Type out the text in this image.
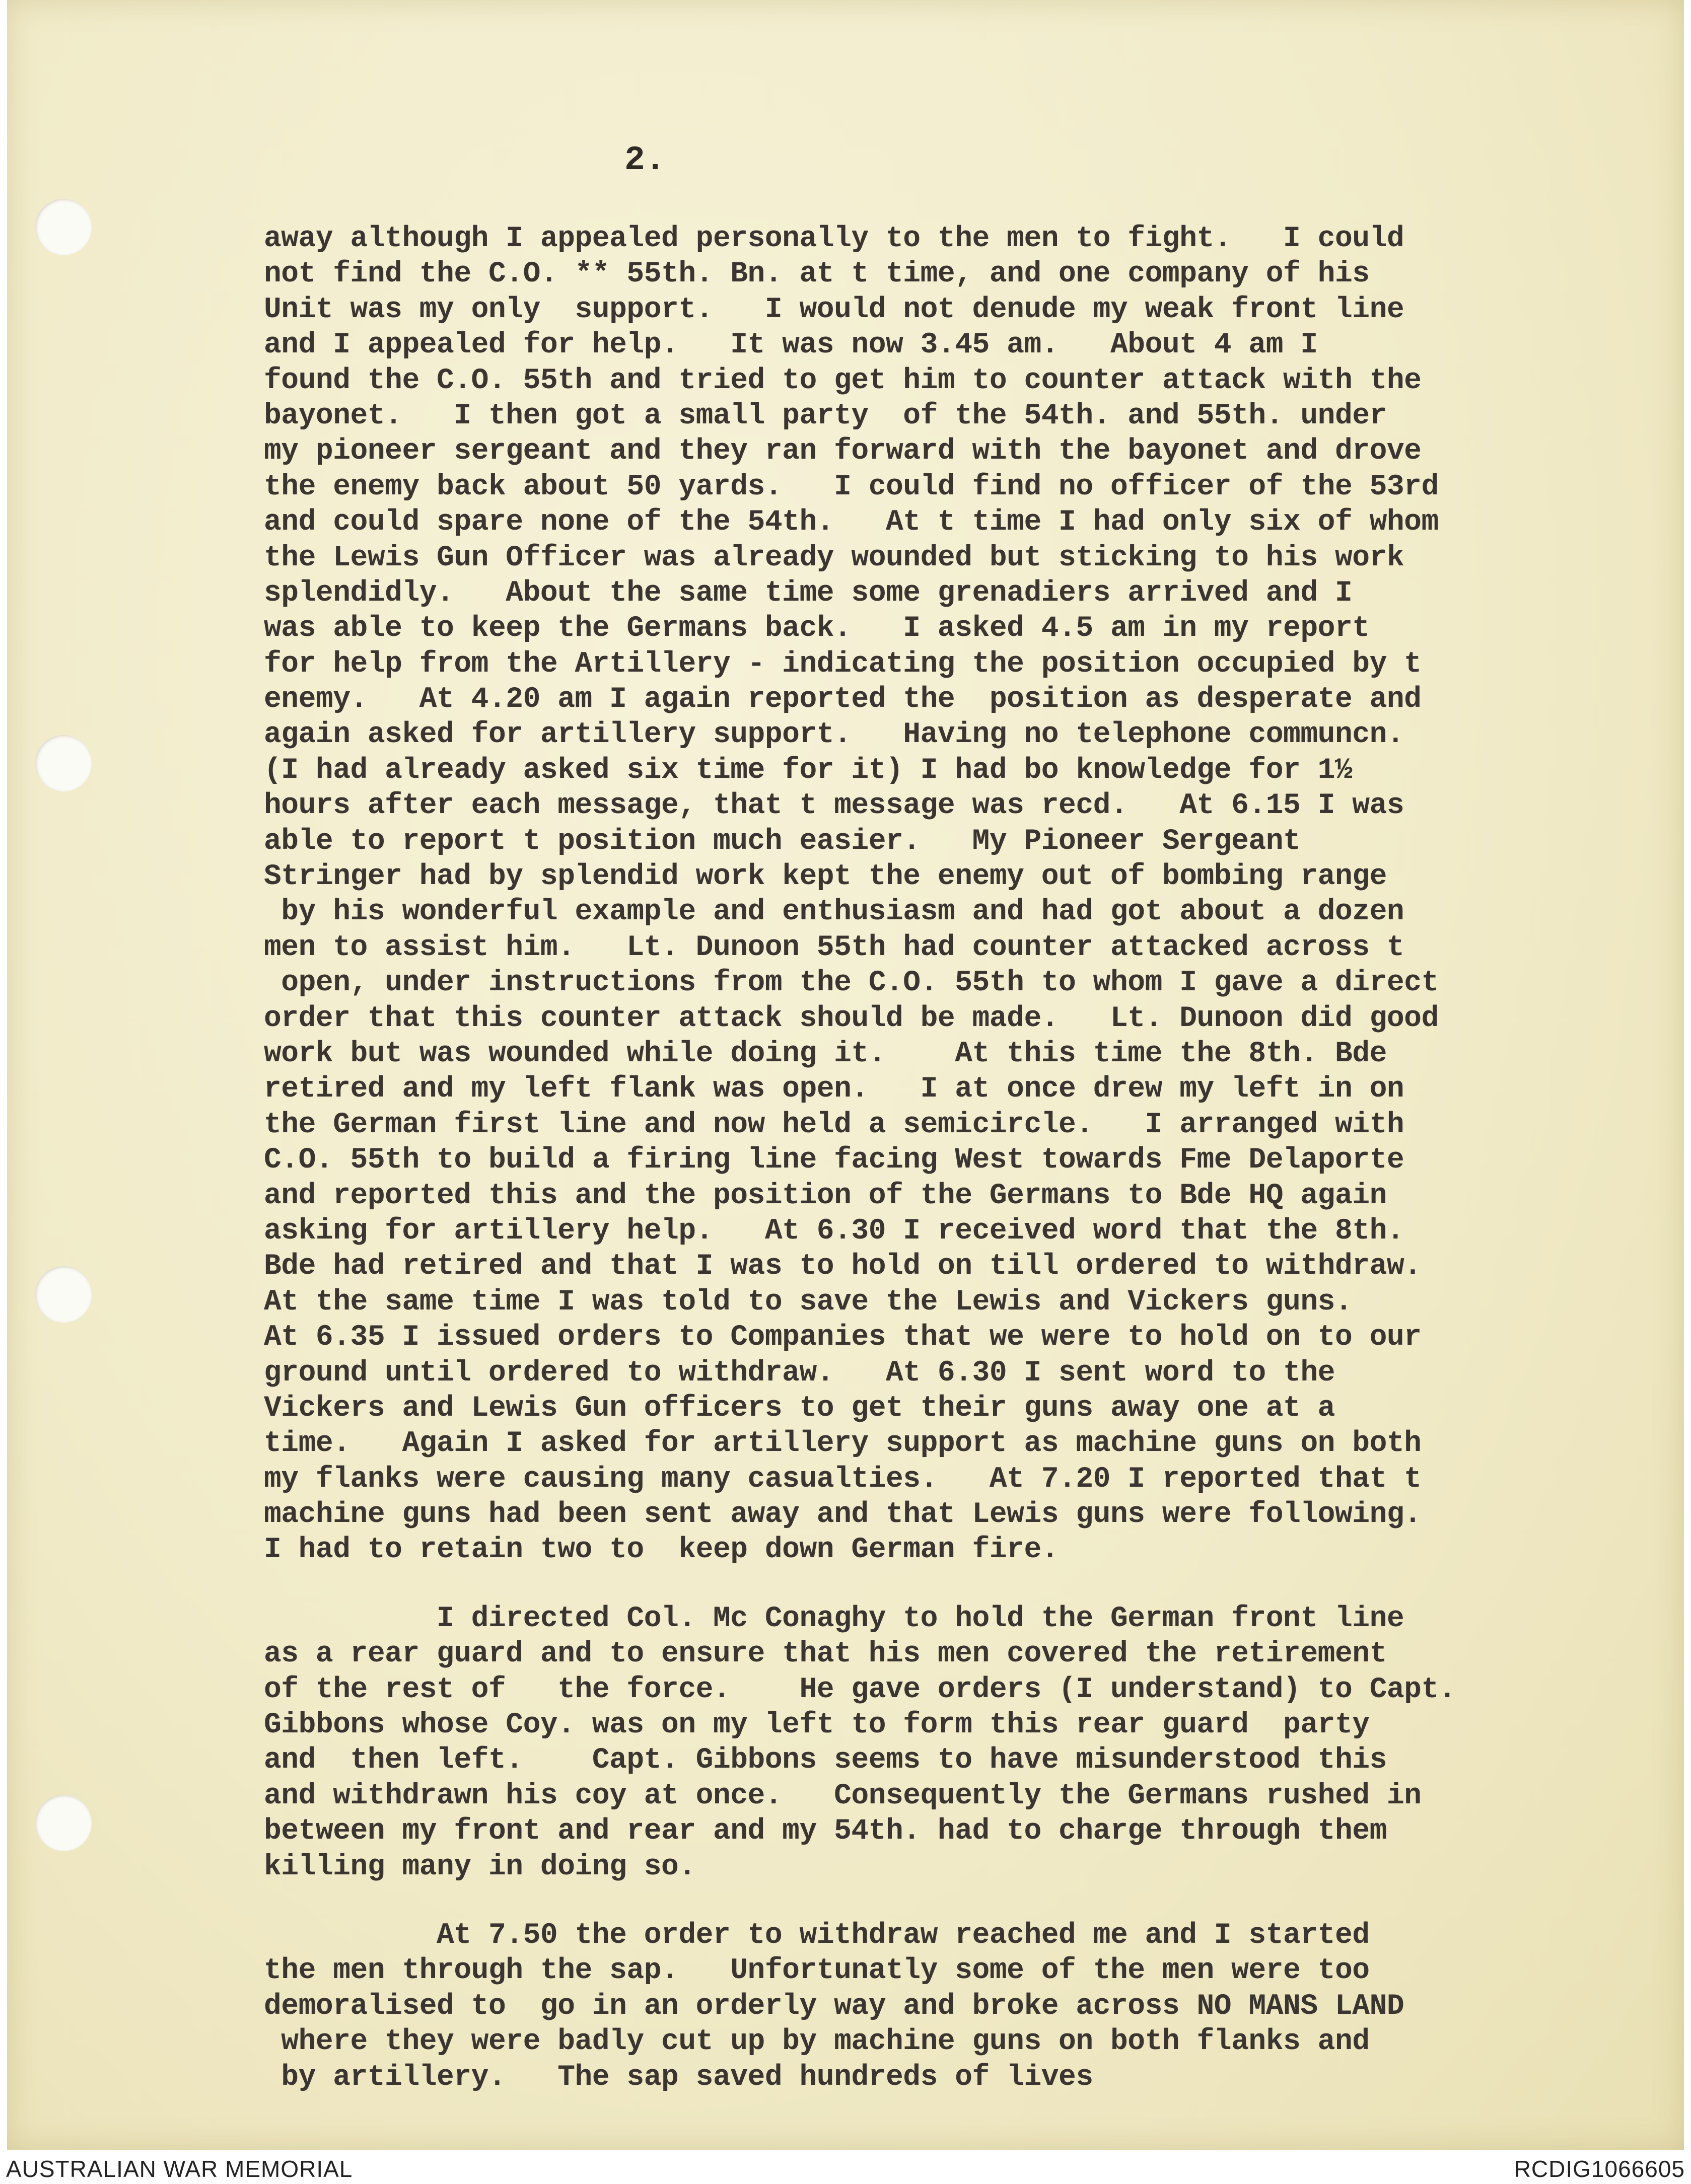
2.
away although I appealed personally to the men to fight.   I could
not find the C.O. ** 55th. Bn. at t time, and one company of his
Unit was my only  support.   I would not denude my weak front line
and I appealed for help.   It was now 3.45 am.   About 4 am I
found the C.O. 55th and tried to get him to counter attack with the
bayonet.   I then got a small party  of the 54th. and 55th. under
my pioneer sergeant and they ran forward with the bayonet and drove
the enemy back about 50 yards.   I could find no officer of the 53rd
and could spare none of the 54th.   At t time I had only six of whom
the Lewis Gun Officer was already wounded but sticking to his work
splendidly.   About the same time some grenadiers arrived and I
was able to keep the Germans back.   I asked 4.5 am in my report
for help from the Artillery - indicating the position occupied by t
enemy.   At 4.20 am I again reported the  position as desperate and
again asked for artillery support.   Having no telephone communcn.
(I had already asked six time for it) I had bo knowledge for 1½
hours after each message, that t message was recd.   At 6.15 I was
able to report t position much easier.   My Pioneer Sergeant
Stringer had by splendid work kept the enemy out of bombing range
by his wonderful example and enthusiasm and had got about a dozen
men to assist him.   Lt. Dunoon 55th had counter attacked across t
open, under instructions from the C.O. 55th to whom I gave a direct
order that this counter attack should be made.   Lt. Dunoon did good
work but was wounded while doing it.    At this time the 8th. Bde
retired and my left flank was open.   I at once drew my left in on
the German first line and now held a semicircle.   I arranged with
C.O. 55th to build a firing line facing West towards Fme Delaporte
and reported this and the position of the Germans to Bde HQ again
asking for artillery help.   At 6.30 I received word that the 8th.
Bde had retired and that I was to hold on till ordered to withdraw.
At the same time I was told to save the Lewis and Vickers guns.
At 6.35 I issued orders to Companies that we were to hold on to our
ground until ordered to withdraw.   At 6.30 I sent word to the
Vickers and Lewis Gun officers to get their guns away one at a
time.   Again I asked for artillery support as machine guns on both
my flanks were causing many casualties.   At 7.20 I reported that t
machine guns had been sent away and that Lewis guns were following.
I had to retain two to  keep down German fire.
I directed Col. Mc Conaghy to hold the German front line
as a rear guard and to ensure that his men covered the retirement
of the rest of   the force.    He gave orders (I understand) to Capt.
Gibbons whose Coy. was on my left to form this rear guard  party
and  then left.    Capt. Gibbons seems to have misunderstood this
and withdrawn his coy at once.   Consequently the Germans rushed in
between my front and rear and my 54th. had to charge through them
killing many in doing so.
At 7.50 the order to withdraw reached me and I started
the men through the sap.   Unfortunatly some of the men were too
demoralised to  go in an orderly way and broke across NO MANS LAND
where they were badly cut up by machine guns on both flanks and
by artillery.   The sap saved hundreds of lives
AUSTRALIAN WAR MEMORIAL	RCDIG1066605
